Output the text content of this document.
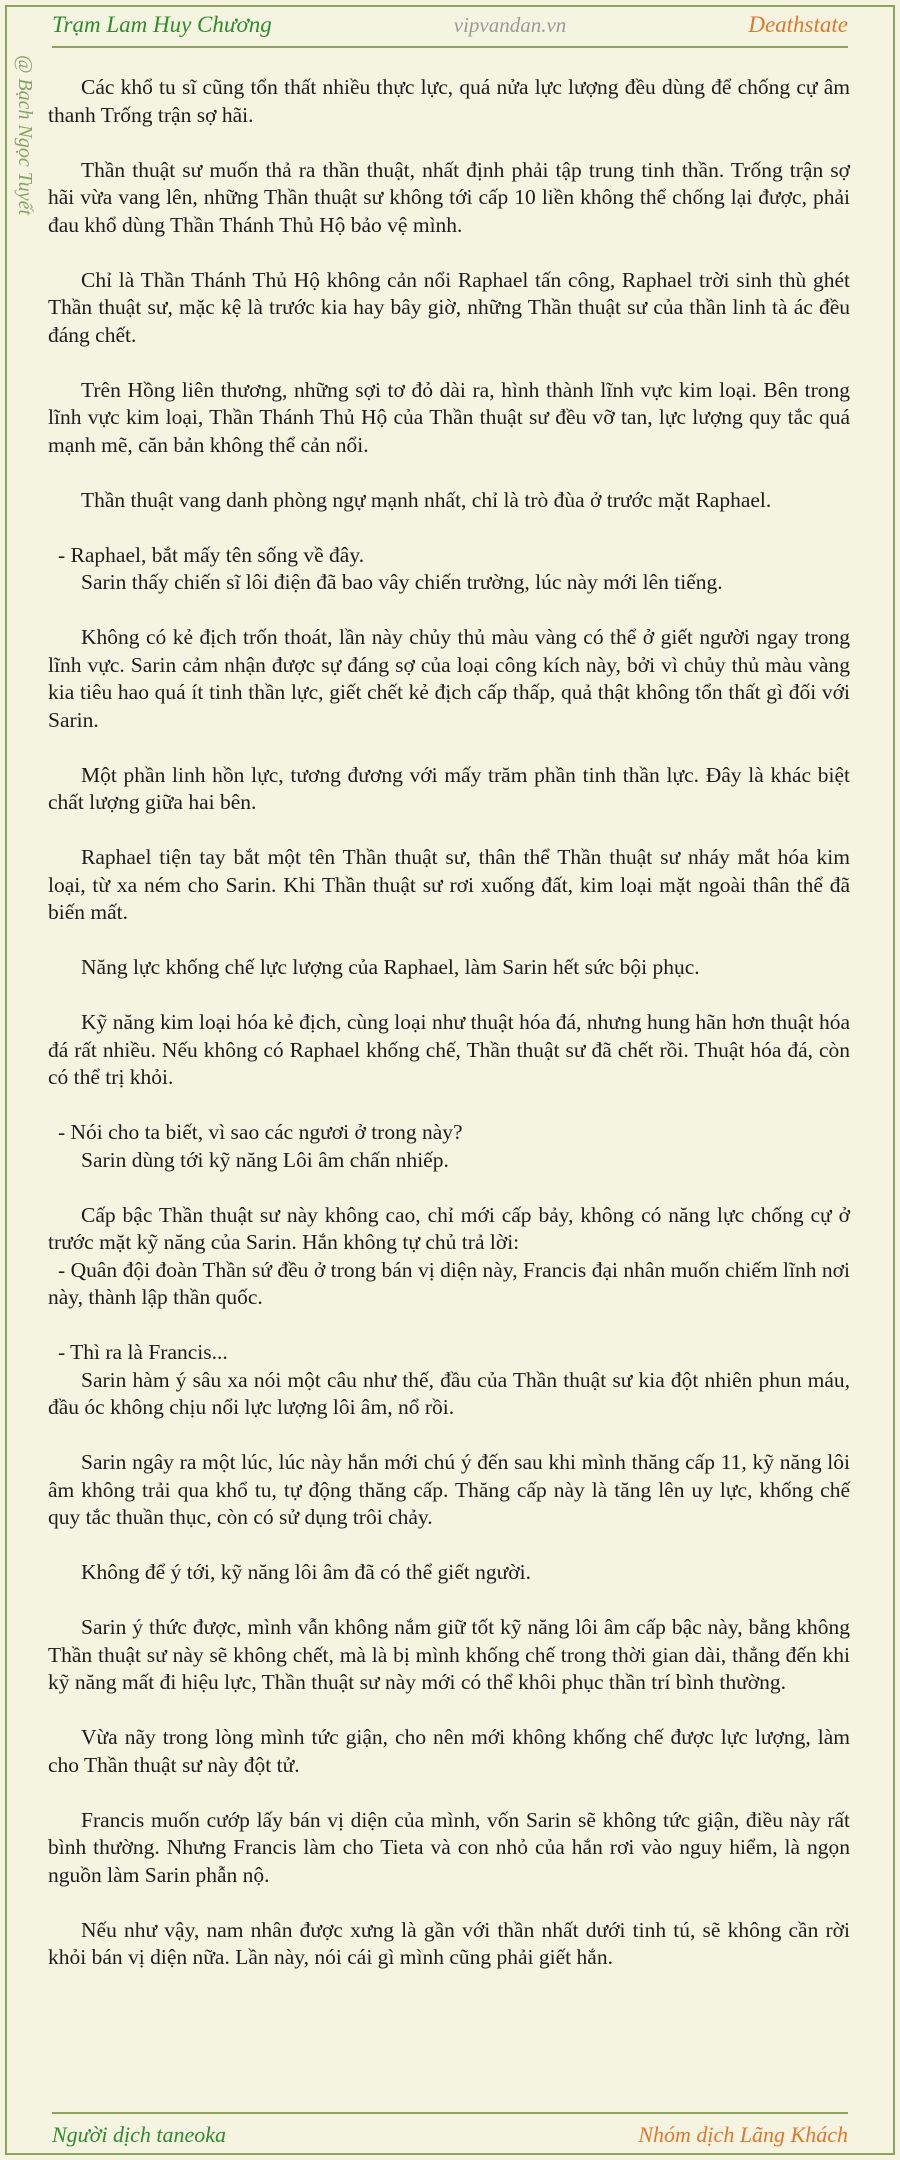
Trạm Lam Huy Chương	vipvandan.vn	Deathstate
@ Bạch Ngọc Tuyết	Các khổ tu sĩ cũng tổn thất nhiều thực lực, quá nửa lực lượng đều dùng để chống cự âm thanh Trống trận sợ hãi.

Thần thuật sư muốn thả ra thần thuật, nhất định phải tập trung tinh thần. Trống trận sợ hãi vừa vang lên, những Thần thuật sư không tới cấp 10 liền không thể chống lại được, phải đau khổ dùng Thần Thánh Thủ Hộ bảo vệ mình.

Chỉ là Thần Thánh Thủ Hộ không cản nổi Raphael tấn công, Raphael trời sinh thù ghét Thần thuật sư, mặc kệ là trước kia hay bây giờ, những Thần thuật sư của thần linh tà ác đều đáng chết.

Trên Hồng liên thương, những sợi tơ đỏ dài ra, hình thành lĩnh vực kim loại. Bên trong lĩnh vực kim loại, Thần Thánh Thủ Hộ của Thần thuật sư đều vỡ tan, lực lượng quy tắc quá mạnh mẽ, căn bản không thể cản nổi.

Thần thuật vang danh phòng ngự mạnh nhất, chỉ là trò đùa ở trước mặt Raphael.

- Raphael, bắt mấy tên sống về đây.

Sarin thấy chiến sĩ lôi điện đã bao vây chiến trường, lúc này mới lên tiếng.

Không có kẻ địch trốn thoát, lần này chủy thủ màu vàng có thể ở giết người ngay trong lĩnh vực. Sarin cảm nhận được sự đáng sợ của loại công kích này, bởi vì chủy thủ màu vàng kia tiêu hao quá ít tinh thần lực, giết chết kẻ địch cấp thấp, quả thật không tổn thất gì đối với Sarin.

Một phần linh hồn lực, tương đương với mấy trăm phần tinh thần lực. Đây là khác biệt chất lượng giữa hai bên.

Raphael tiện tay bắt một tên Thần thuật sư, thân thể Thần thuật sư nháy mắt hóa kim loại, từ xa ném cho Sarin. Khi Thần thuật sư rơi xuống đất, kim loại mặt ngoài thân thể đã biến mất.

Năng lực khống chế lực lượng của Raphael, làm Sarin hết sức bội phục.

Kỹ năng kim loại hóa kẻ địch, cùng loại như thuật hóa đá, nhưng hung hãn hơn thuật hóa đá rất nhiều. Nếu không có Raphael khống chế, Thần thuật sư đã chết rồi. Thuật hóa đá, còn có thể trị khỏi.

- Nói cho ta biết, vì sao các ngươi ở trong này?

Sarin dùng tới kỹ năng Lôi âm chấn nhiếp.

Cấp bậc Thần thuật sư này không cao, chỉ mới cấp bảy, không có năng lực chống cự ở trước mặt kỹ năng của Sarin. Hắn không tự chủ trả lời:

- Quân đội đoàn Thần sứ đều ở trong bán vị diện này, Francis đại nhân muốn chiếm lĩnh nơi này, thành lập thần quốc.

- Thì ra là Francis...

Sarin hàm ý sâu xa nói một câu như thế, đầu của Thần thuật sư kia đột nhiên phun máu, đầu óc không chịu nổi lực lượng lôi âm, nổ rồi.

Sarin ngây ra một lúc, lúc này hắn mới chú ý đến sau khi mình thăng cấp 11, kỹ năng lôi âm không trải qua khổ tu, tự động thăng cấp. Thăng cấp này là tăng lên uy lực, khống chế quy tắc thuần thục, còn có sử dụng trôi chảy.

Không để ý tới, kỹ năng lôi âm đã có thể giết người.

Sarin ý thức được, mình vẫn không nắm giữ tốt kỹ năng lôi âm cấp bậc này, bằng không Thần thuật sư này sẽ không chết, mà là bị mình khống chế trong thời gian dài, thẳng đến khi kỹ năng mất đi hiệu lực, Thần thuật sư này mới có thể khôi phục thần trí bình thường.

Vừa nãy trong lòng mình tức giận, cho nên mới không khống chế được lực lượng, làm cho Thần thuật sư này đột tử.

Francis muốn cướp lấy bán vị diện của mình, vốn Sarin sẽ không tức giận, điều này rất bình thường. Nhưng Francis làm cho Tieta và con nhỏ của hắn rơi vào nguy hiểm, là ngọn nguồn làm Sarin phẫn nộ.

Nếu như vậy, nam nhân được xưng là gần với thần nhất dưới tinh tú, sẽ không cần rời khỏi bán vị diện nữa. Lần này, nói cái gì mình cũng phải giết hắn.

Người dịch taneoka	Nhóm dịch Lãng Khách
